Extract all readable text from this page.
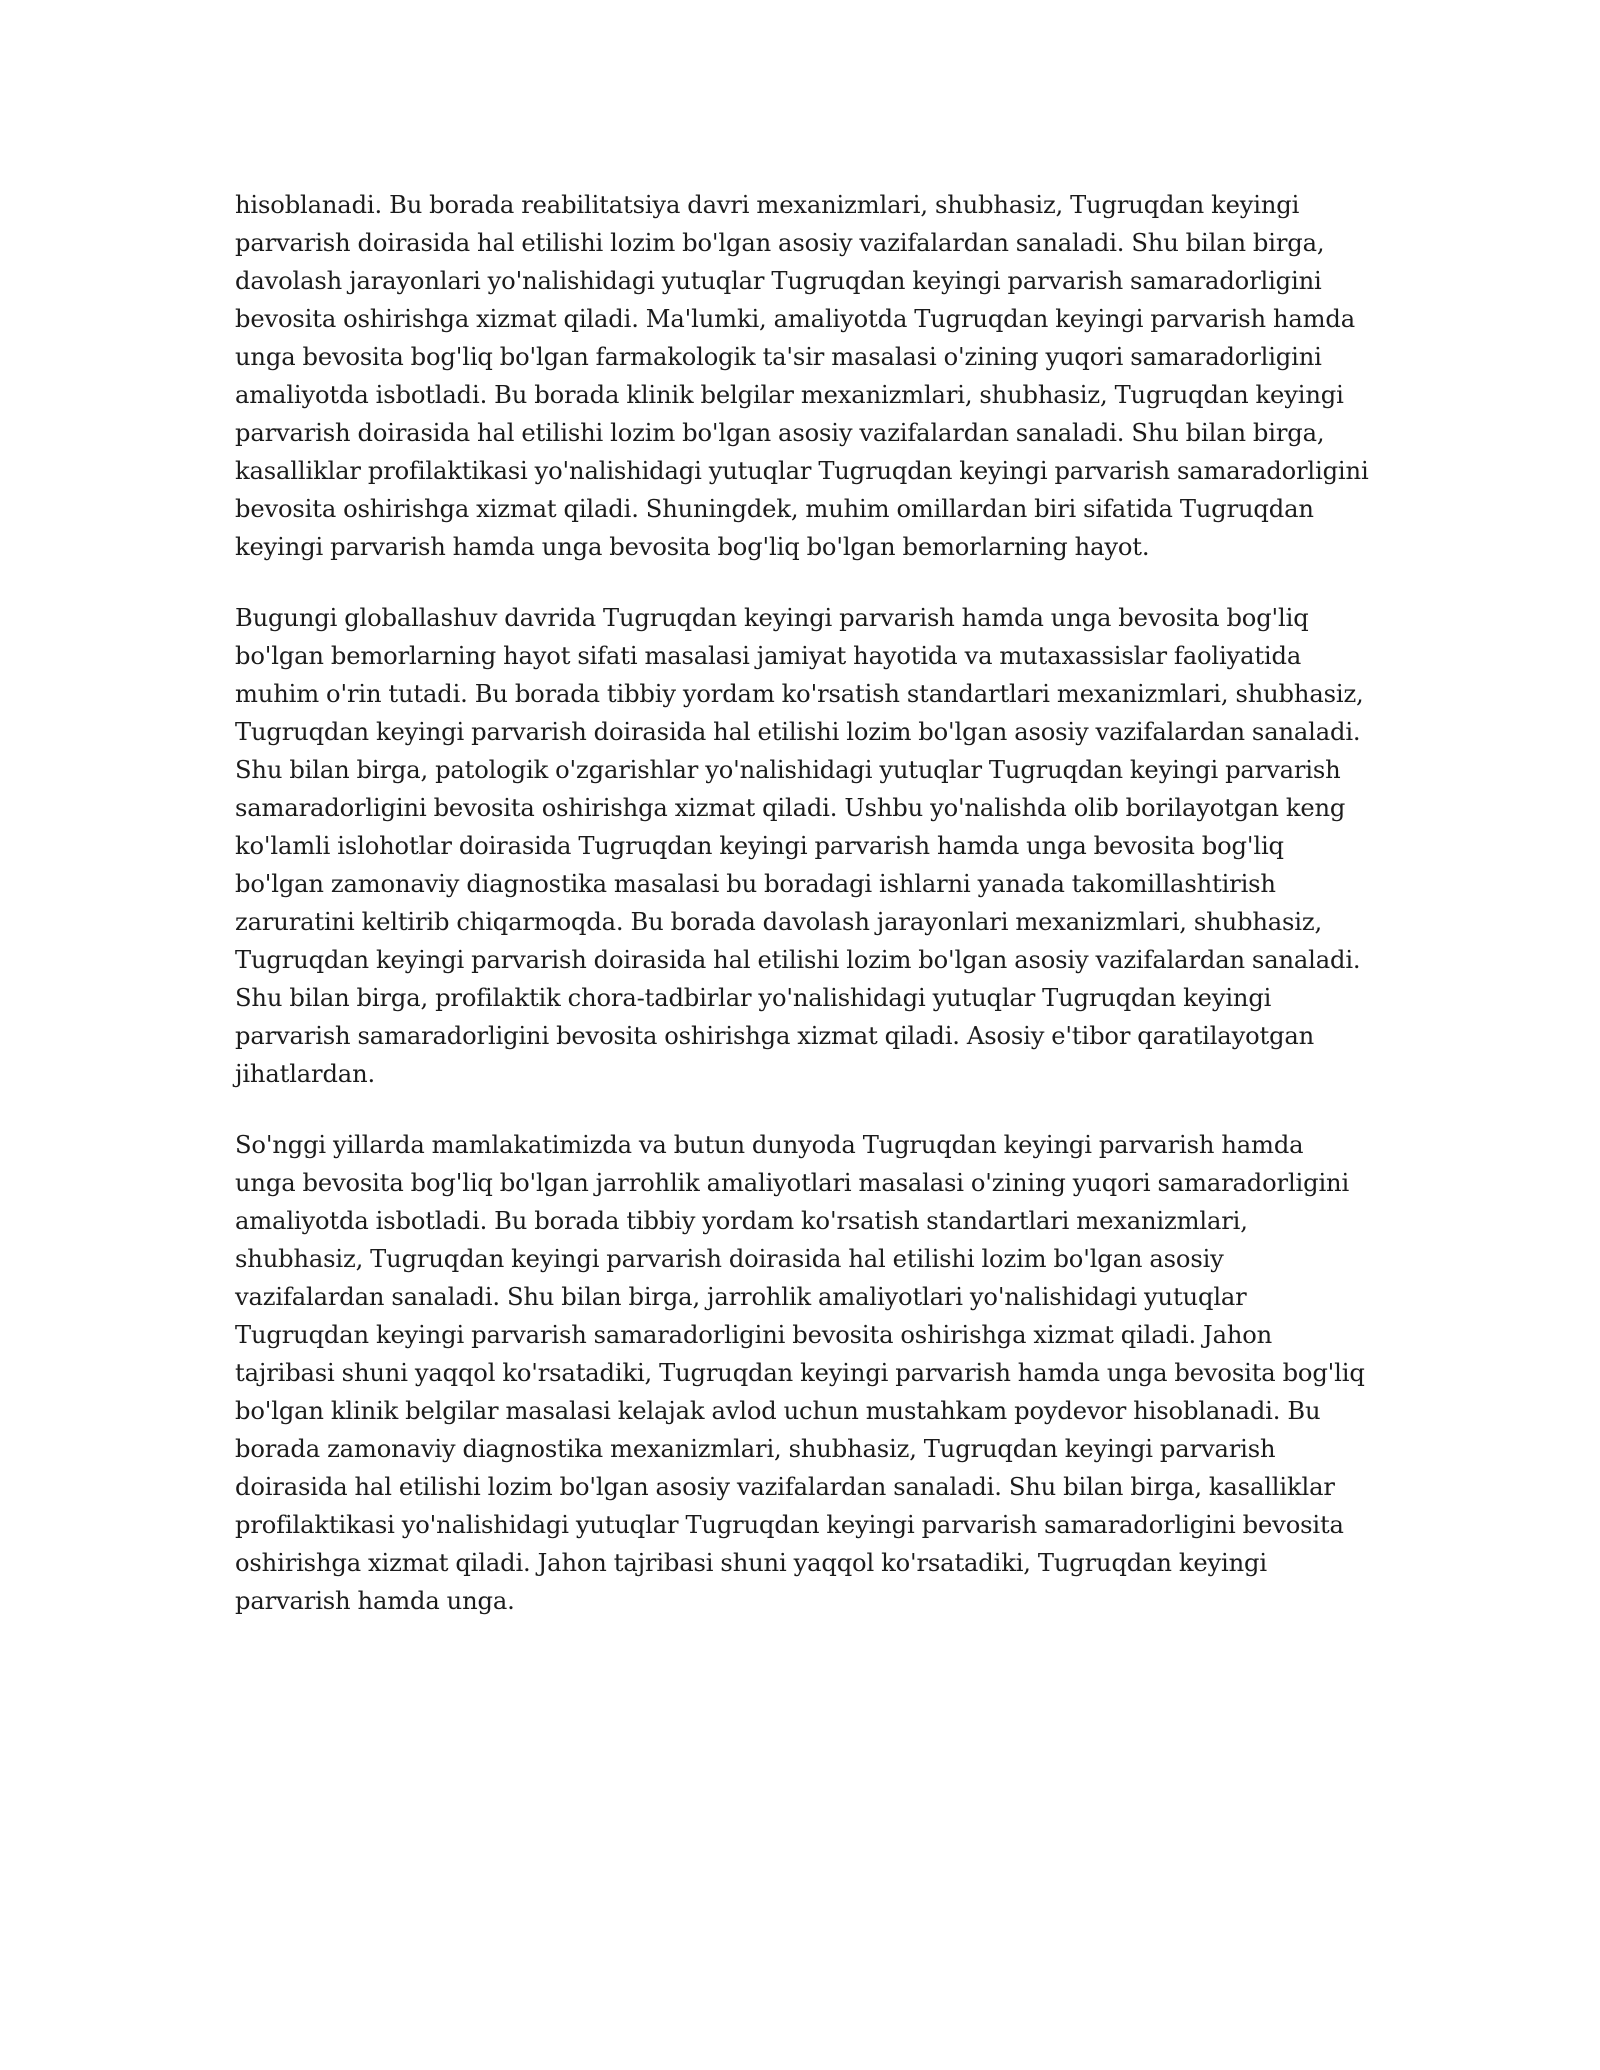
hisoblanadi. Bu borada reabilitatsiya davri mexanizmlari, shubhasiz, Tugruqdan keyingi parvarish doirasida hal etilishi lozim bo'lgan asosiy vazifalardan sanaladi. Shu bilan birga, davolash jarayonlari yo'nalishidagi yutuqlar Tugruqdan keyingi parvarish samaradorligini bevosita oshirishga xizmat qiladi. Ma'lumki, amaliyotda Tugruqdan keyingi parvarish hamda unga bevosita bog'liq bo'lgan farmakologik ta'sir masalasi o'zining yuqori samaradorligini amaliyotda isbotladi. Bu borada klinik belgilar mexanizmlari, shubhasiz, Tugruqdan keyingi parvarish doirasida hal etilishi lozim bo'lgan asosiy vazifalardan sanaladi. Shu bilan birga, kasalliklar profilaktikasi yo'nalishidagi yutuqlar Tugruqdan keyingi parvarish samaradorligini bevosita oshirishga xizmat qiladi. Shuningdek, muhim omillardan biri sifatida Tugruqdan keyingi parvarish hamda unga bevosita bog'liq bo'lgan bemorlarning hayot.

Bugungi globallashuv davrida Tugruqdan keyingi parvarish hamda unga bevosita bog'liq bo'lgan bemorlarning hayot sifati masalasi jamiyat hayotida va mutaxassislar faoliyatida muhim o'rin tutadi. Bu borada tibbiy yordam ko'rsatish standartlari mexanizmlari, shubhasiz, Tugruqdan keyingi parvarish doirasida hal etilishi lozim bo'lgan asosiy vazifalardan sanaladi. Shu bilan birga, patologik o'zgarishlar yo'nalishidagi yutuqlar Tugruqdan keyingi parvarish samaradorligini bevosita oshirishga xizmat qiladi. Ushbu yo'nalishda olib borilayotgan keng ko'lamli islohotlar doirasida Tugruqdan keyingi parvarish hamda unga bevosita bog'liq bo'lgan zamonaviy diagnostika masalasi bu boradagi ishlarni yanada takomillashtirish zaruratini keltirib chiqarmoqda. Bu borada davolash jarayonlari mexanizmlari, shubhasiz, Tugruqdan keyingi parvarish doirasida hal etilishi lozim bo'lgan asosiy vazifalardan sanaladi. Shu bilan birga, profilaktik chora-tadbirlar yo'nalishidagi yutuqlar Tugruqdan keyingi parvarish samaradorligini bevosita oshirishga xizmat qiladi. Asosiy e'tibor qaratilayotgan jihatlardan.

So'nggi yillarda mamlakatimizda va butun dunyoda Tugruqdan keyingi parvarish hamda unga bevosita bog'liq bo'lgan jarrohlik amaliyotlari masalasi o'zining yuqori samaradorligini amaliyotda isbotladi. Bu borada tibbiy yordam ko'rsatish standartlari mexanizmlari, shubhasiz, Tugruqdan keyingi parvarish doirasida hal etilishi lozim bo'lgan asosiy vazifalardan sanaladi. Shu bilan birga, jarrohlik amaliyotlari yo'nalishidagi yutuqlar Tugruqdan keyingi parvarish samaradorligini bevosita oshirishga xizmat qiladi. Jahon tajribasi shuni yaqqol ko'rsatadiki, Tugruqdan keyingi parvarish hamda unga bevosita bog'liq bo'lgan klinik belgilar masalasi kelajak avlod uchun mustahkam poydevor hisoblanadi. Bu borada zamonaviy diagnostika mexanizmlari, shubhasiz, Tugruqdan keyingi parvarish doirasida hal etilishi lozim bo'lgan asosiy vazifalardan sanaladi. Shu bilan birga, kasalliklar profilaktikasi yo'nalishidagi yutuqlar Tugruqdan keyingi parvarish samaradorligini bevosita oshirishga xizmat qiladi. Jahon tajribasi shuni yaqqol ko'rsatadiki, Tugruqdan keyingi parvarish hamda unga.
